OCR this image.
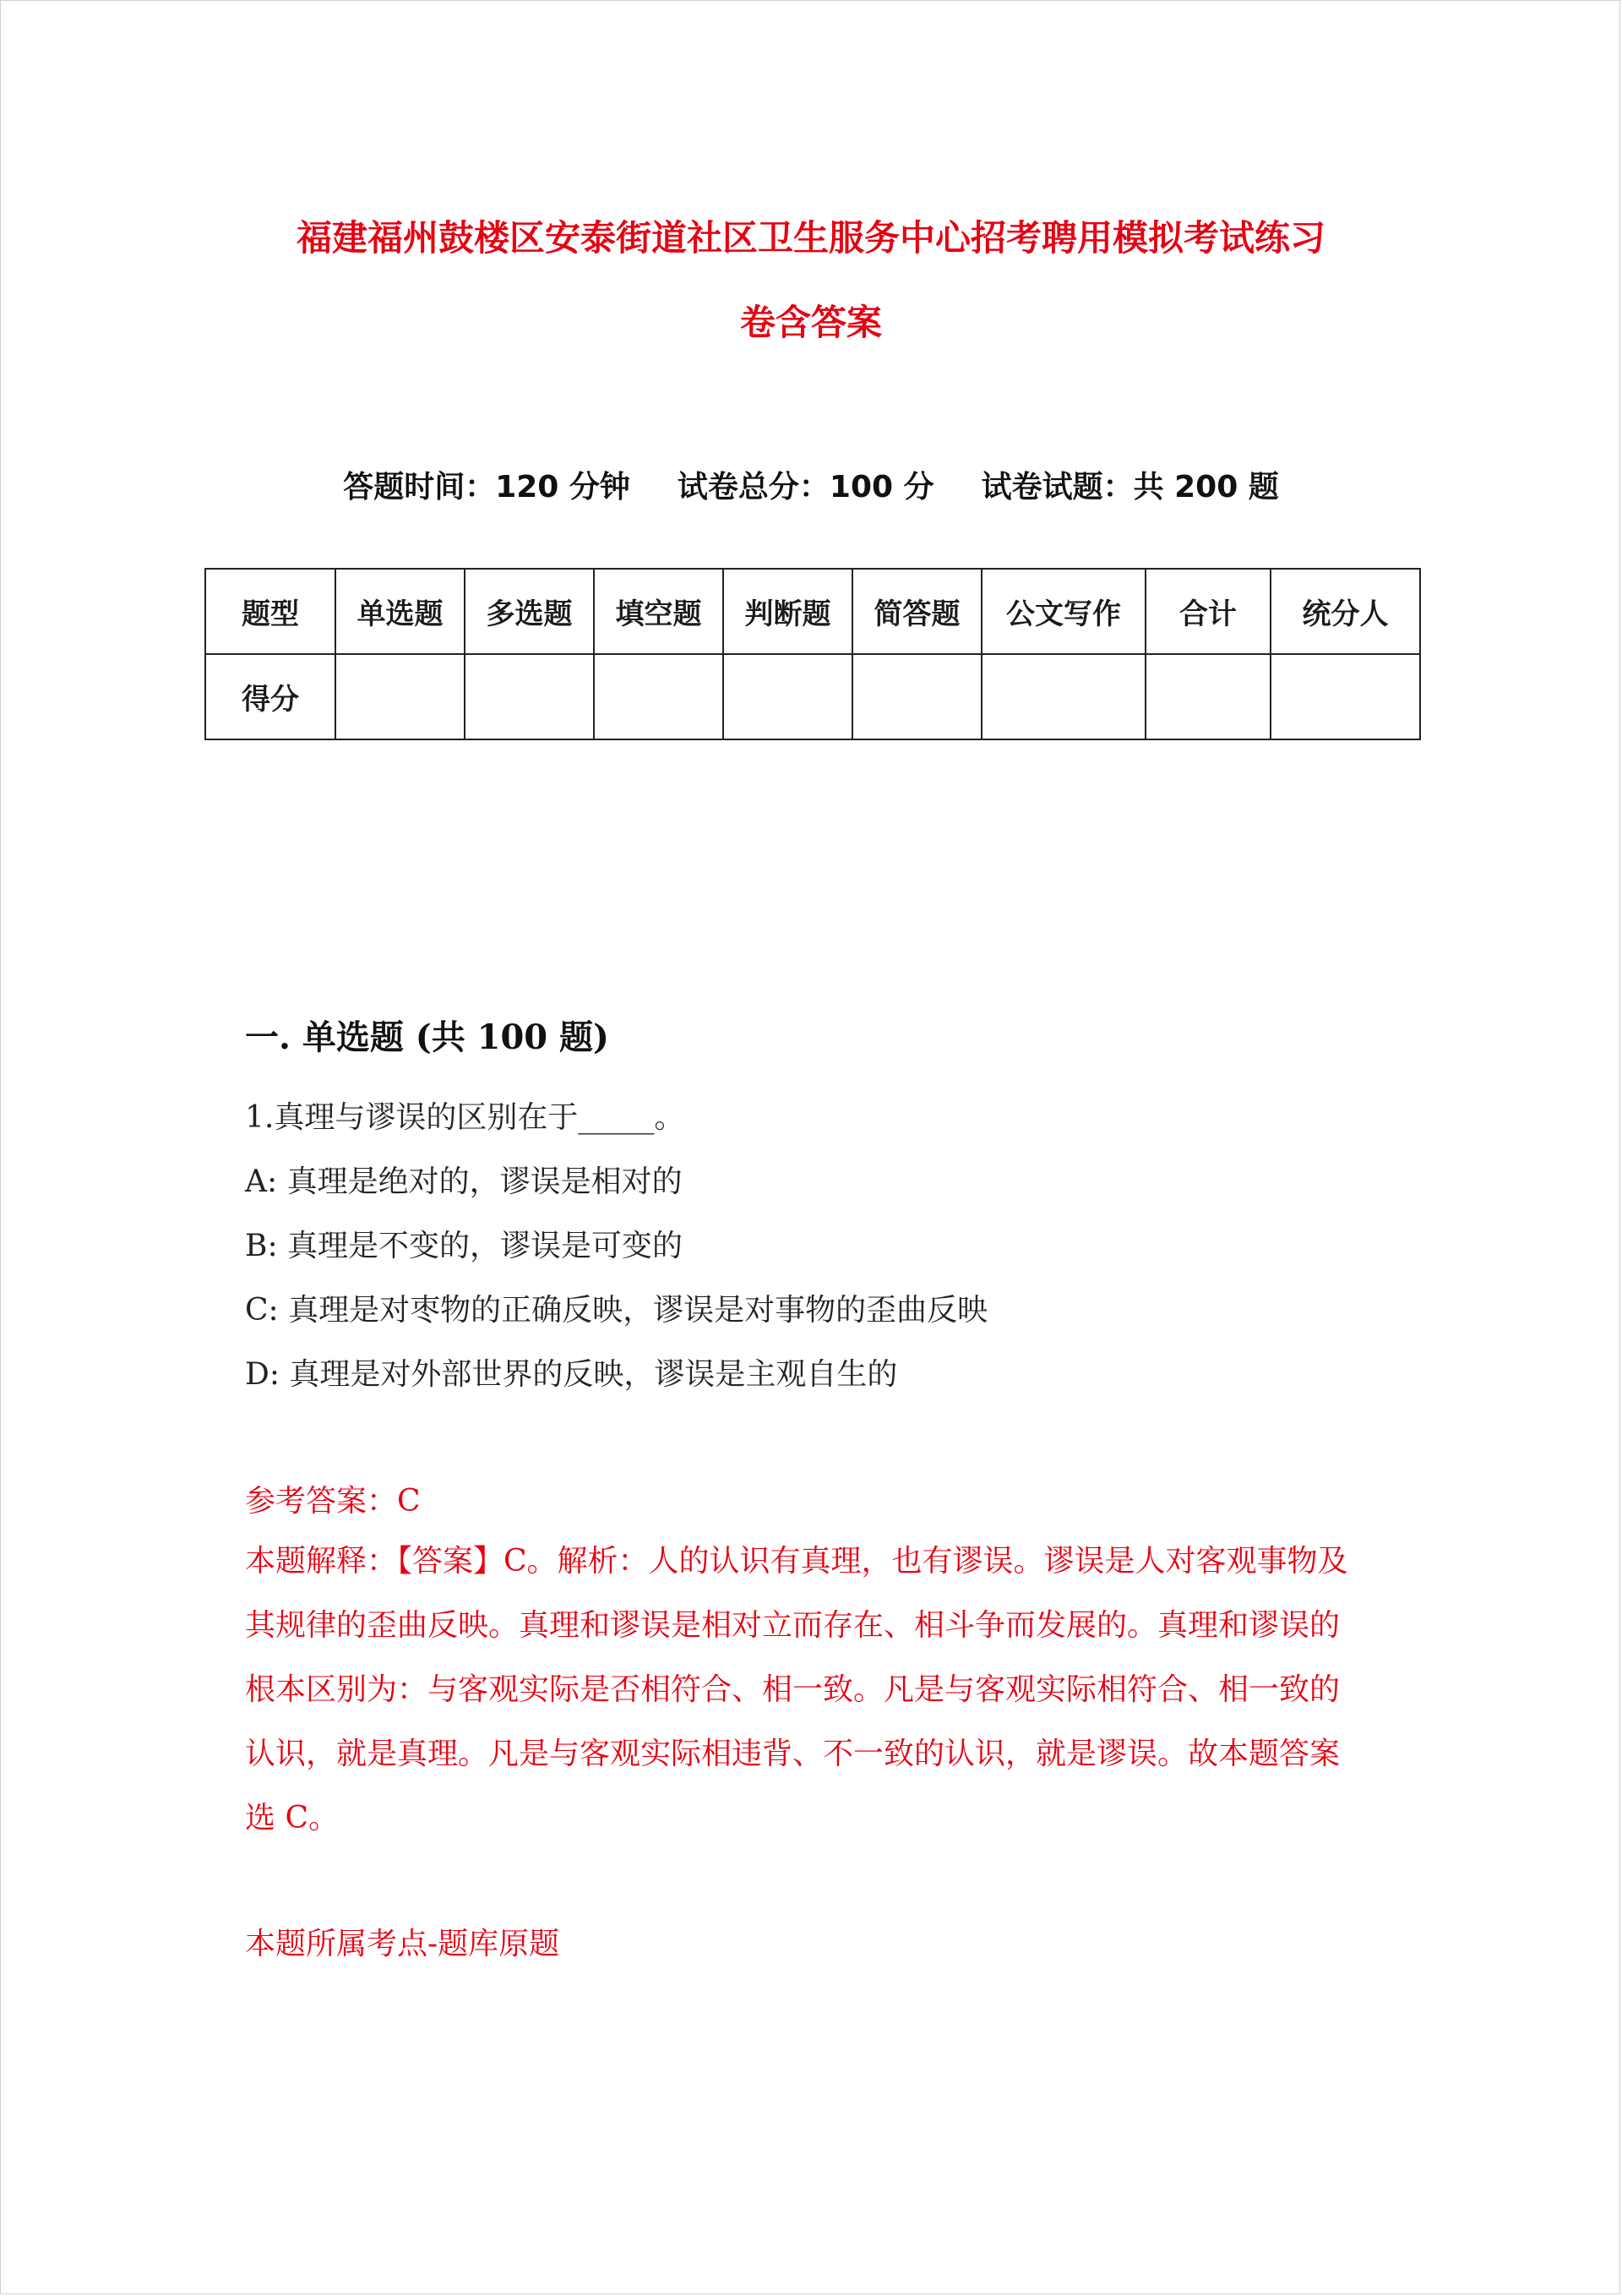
福建福州鼓楼区安泰街道社区卫生服务中心招考聘用模拟考试练习
卷含答案
答题时间：120 分钟 试卷总分：100 分 试卷试题：共 200 题
题型	单选题	多选题	填空题	判断题	简答题	公文写作	合计	统分人
得分								
一. 单选题 (共 100 题)
1.真理与谬误的区别在于_____。
A: 真理是绝对的，谬误是相对的
B: 真理是不变的，谬误是可变的
C: 真理是对枣物的正确反映，谬误是对事物的歪曲反映
D: 真理是对外部世界的反映，谬误是主观自生的
参考答案：C
本题解释：【答案】C。解析：人的认识有真理，也有谬误。谬误是人对客观事物及其规律的歪曲反映。真理和谬误是相对立而存在、相斗争而发展的。真理和谬误的根本区别为：与客观实际是否相符合、相一致。凡是与客观实际相符合、相一致的认识，就是真理。凡是与客观实际相违背、不一致的认识，就是谬误。故本题答案选 C。
本题所属考点-题库原题
